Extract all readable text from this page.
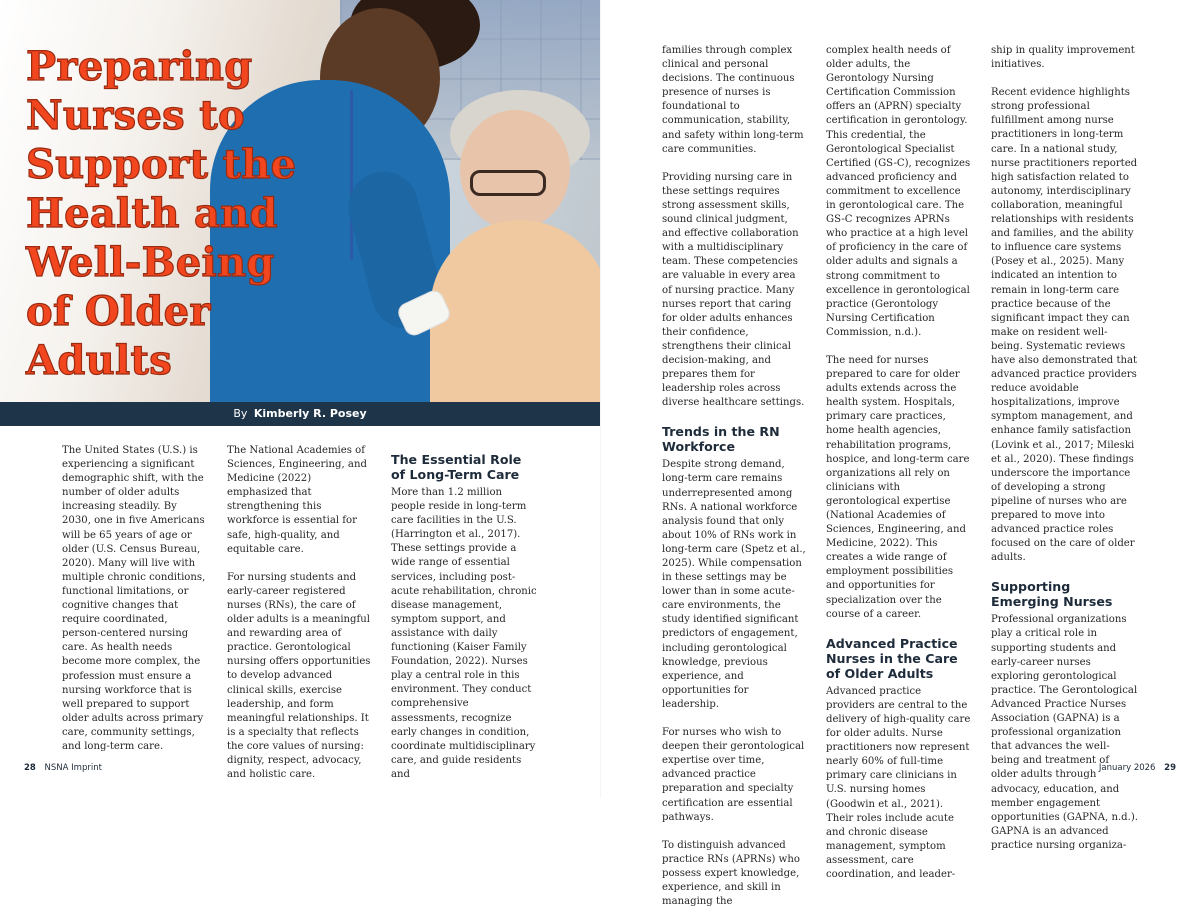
Preparing Nurses to Support the Health and Well-Being of Older Adults
By Kimberly R. Posey

The United States (U.S.) is experiencing a significant demographic shift, with the number of older adults increasing steadily. By 2030, one in five Americans will be 65 years of age or older (U.S. Census Bureau, 2020). Many will live with multiple chronic conditions, functional limitations, or cognitive changes that require coordinated, person-centered nursing care. As health needs become more complex, the profession must ensure a nursing workforce that is well prepared to support older adults across primary care, community settings, and long-term care.

The National Academies of Sciences, Engineering, and Medicine (2022) emphasized that strengthening this workforce is essential for safe, high-quality, and equitable care.

For nursing students and early-career registered nurses (RNs), the care of older adults is a meaningful and rewarding area of practice. Gerontological nursing offers opportunities to develop advanced clinical skills, exercise leadership, and form meaningful relationships. It is a specialty that reflects the core values of nursing: dignity, respect, advocacy, and holistic care.

The Essential Role of Long-Term Care

More than 1.2 million people reside in long-term care facilities in the U.S. (Harrington et al., 2017). These settings provide a wide range of essential services, including post-acute rehabilitation, chronic disease management, symptom support, and assistance with daily functioning (Kaiser Family Foundation, 2022). Nurses play a central role in this environment. They conduct comprehensive assessments, recognize early changes in condition, coordinate multidisciplinary care, and guide residents and

families through complex clinical and personal decisions. The continuous presence of nurses is foundational to communication, stability, and safety within long-term care communities.

Providing nursing care in these settings requires strong assessment skills, sound clinical judgment, and effective collaboration with a multidisciplinary team. These competencies are valuable in every area of nursing practice. Many nurses report that caring for older adults enhances their confidence, strengthens their clinical decision-making, and prepares them for leadership roles across diverse healthcare settings.

Trends in the RN Workforce

Despite strong demand, long-term care remains underrepresented among RNs. A national workforce analysis found that only about 10% of RNs work in long-term care (Spetz et al., 2025). While compensation in these settings may be lower than in some acute-care environments, the study identified significant predictors of engagement, including gerontological knowledge, previous experience, and opportunities for leadership.

For nurses who wish to deepen their gerontological expertise over time, advanced practice preparation and specialty certification are essential pathways.

To distinguish advanced practice RNs (APRNs) who possess expert knowledge, experience, and skill in managing the

complex health needs of older adults, the Gerontology Nursing Certification Commission offers an (APRN) specialty certification in gerontology. This credential, the Gerontological Specialist Certified (GS-C), recognizes advanced proficiency and commitment to excellence in gerontological care. The GS-C recognizes APRNs who practice at a high level of proficiency in the care of older adults and signals a strong commitment to excellence in gerontological practice (Gerontology Nursing Certification Commission, n.d.).

The need for nurses prepared to care for older adults extends across the health system. Hospitals, primary care practices, home health agencies, rehabilitation programs, hospice, and long-term care organizations all rely on clinicians with gerontological expertise (National Academies of Sciences, Engineering, and Medicine, 2022). This creates a wide range of employment possibilities and opportunities for specialization over the course of a career.

Advanced Practice Nurses in the Care of Older Adults

Advanced practice providers are central to the delivery of high-quality care for older adults. Nurse practitioners now represent nearly 60% of full-time primary care clinicians in U.S. nursing homes (Goodwin et al., 2021). Their roles include acute and chronic disease management, symptom assessment, care coordination, and leader-

ship in quality improvement initiatives.

Recent evidence highlights strong professional fulfillment among nurse practitioners in long-term care. In a national study, nurse practitioners reported high satisfaction related to autonomy, interdisciplinary collaboration, meaningful relationships with residents and families, and the ability to influence care systems (Posey et al., 2025). Many indicated an intention to remain in long-term care practice because of the significant impact they can make on resident well-being. Systematic reviews have also demonstrated that advanced practice providers reduce avoidable hospitalizations, improve symptom management, and enhance family satisfaction (Lovink et al., 2017; Mileski et al., 2020). These findings underscore the importance of developing a strong pipeline of nurses who are prepared to move into advanced practice roles focused on the care of older adults.

Supporting Emerging Nurses

Professional organizations play a critical role in supporting students and early-career nurses exploring gerontological practice. The Gerontological Advanced Practice Nurses Association (GAPNA) is a professional organization that advances the well-being and treatment of older adults through advocacy, education, and member engagement opportunities (GAPNA, n.d.). GAPNA is an advanced practice nursing organiza-

28 NSNA Imprint	January 2026 29
